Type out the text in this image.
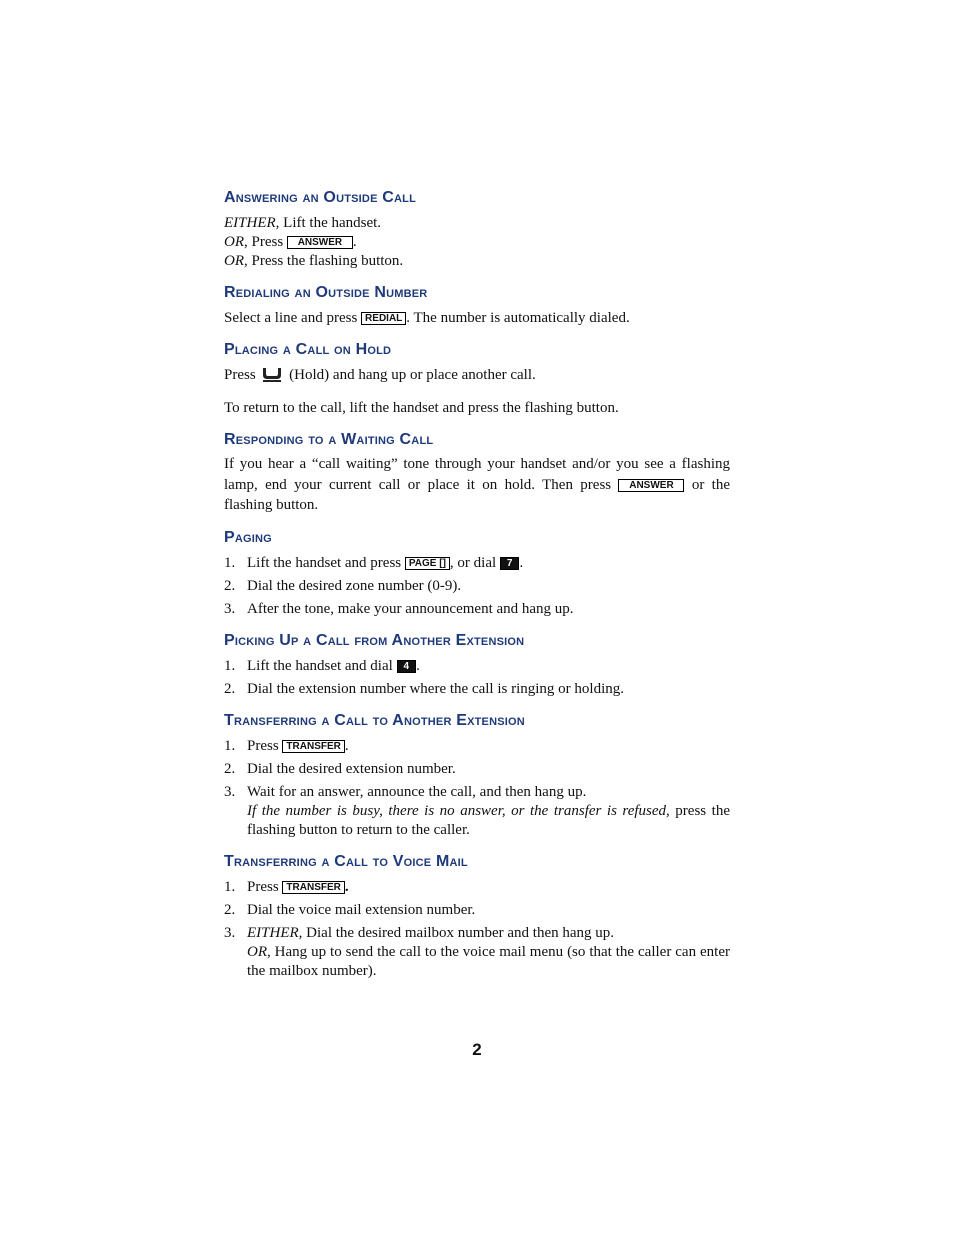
Answering an Outside Call

EITHER, Lift the handset.

OR, Press ANSWER .

OR, Press the flashing button.

Redialing an Outside Number

Select a line and press REDIAL . The number is automatically dialed.

Placing a Call on Hold

Press  (Hold) and hang up or place another call.

To return to the call, lift the handset and press the flashing button.

Responding to a Waiting Call

If you hear a “call waiting” tone through your handset and/or you see a flashing lamp, end your current call or place it on hold. Then press ANSWER or the flashing button.

Paging
1. Lift the handset and press PAGE [] , or dial 7 .
2. Dial the desired zone number (0-9).
3. After the tone, make your announcement and hang up.
Picking Up a Call from Another Extension
1. Lift the handset and dial 4 .
2. Dial the extension number where the call is ringing or holding.
Transferring a Call to Another Extension
1. Press TRANSFER .
2. Dial the desired extension number.
3. Wait for an answer, announce the call, and then hang up.
If the number is busy, there is no answer, or the transfer is refused, press the flashing button to return to the caller.
Transferring a Call to Voice Mail
1. Press TRANSFER .
2. Dial the voice mail extension number.
3. EITHER, Dial the desired mailbox number and then hang up.
OR, Hang up to send the call to the voice mail menu (so that the caller can enter the mailbox number).
2
